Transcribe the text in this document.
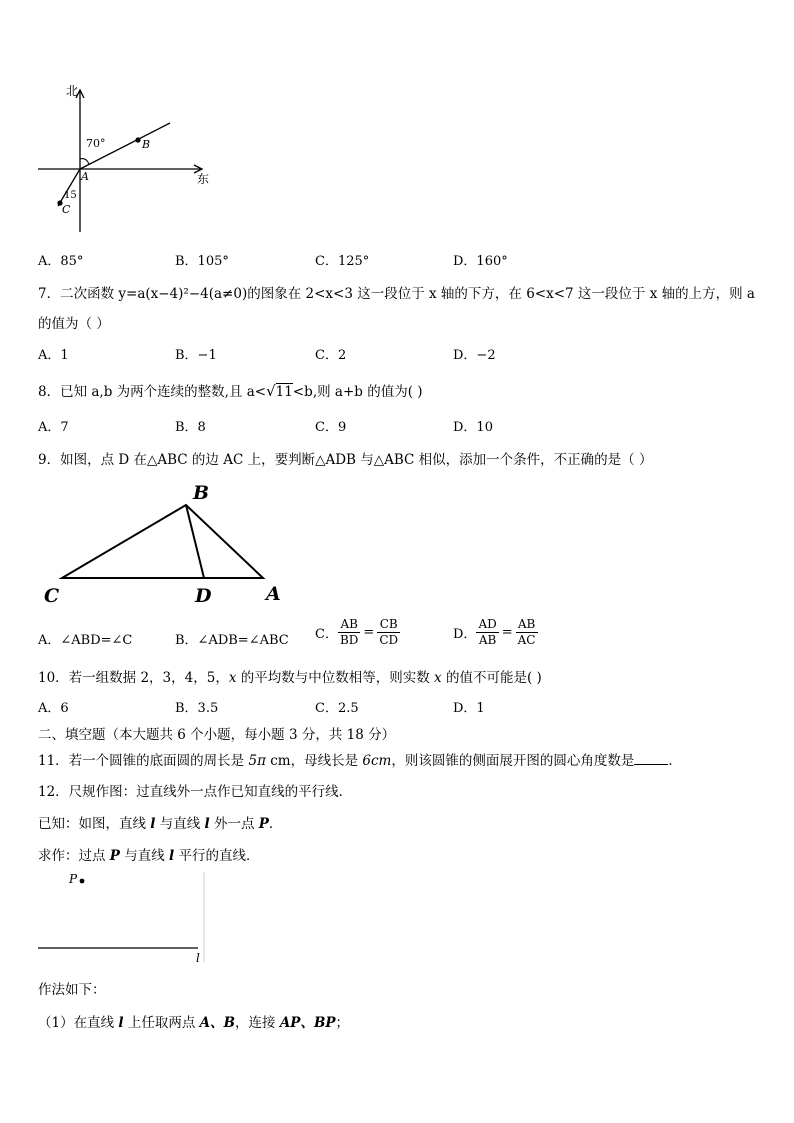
北
东
70°
15
A
B
C
A．85°	B．105°	C．125°	D．160°
7．二次函数 y=a(x−4)²−4(a≠0)的图象在 2<x<3 这一段位于 x 轴的下方，在 6<x<7 这一段位于 x 轴的上方，则 a
的值为（ ）
A．1	B．−1	C．2	D．−2
8．已知 a,b 为两个连续的整数,且 a<√11<b,则 a+b 的值为( )
A．7	B．8	C．9	D．10
9．如图，点 D 在△ABC 的边 AC 上，要判断△ADB 与△ABC 相似，添加一个条件，不正确的是（ ）
B
C	D	A
A．∠ABD=∠C	B．∠ADB=∠ABC C． $\frac{AB}{BD} = \frac{CB}{CD}$	D． $\frac{AD}{AB} = \frac{AB}{AC}$
10．若一组数据 2，3，4，5，x 的平均数与中位数相等，则实数 x 的值不可能是( )
A．6	B．3.5	C．2.5	D．1
二、填空题（本大题共 6 个小题，每小题 3 分，共 18 分）
11．若一个圆锥的底面圆的周长是 5π cm，母线长是 6cm，则该圆锥的侧面展开图的圆心角度数是	．
12．尺规作图：过直线外一点作已知直线的平行线．
已知：如图，直线 l 与直线 l 外一点 P．
求作：过点 P 与直线 l 平行的直线．
P
l
作法如下：
（1）在直线 l 上任取两点 A、B，连接 AP、BP；
